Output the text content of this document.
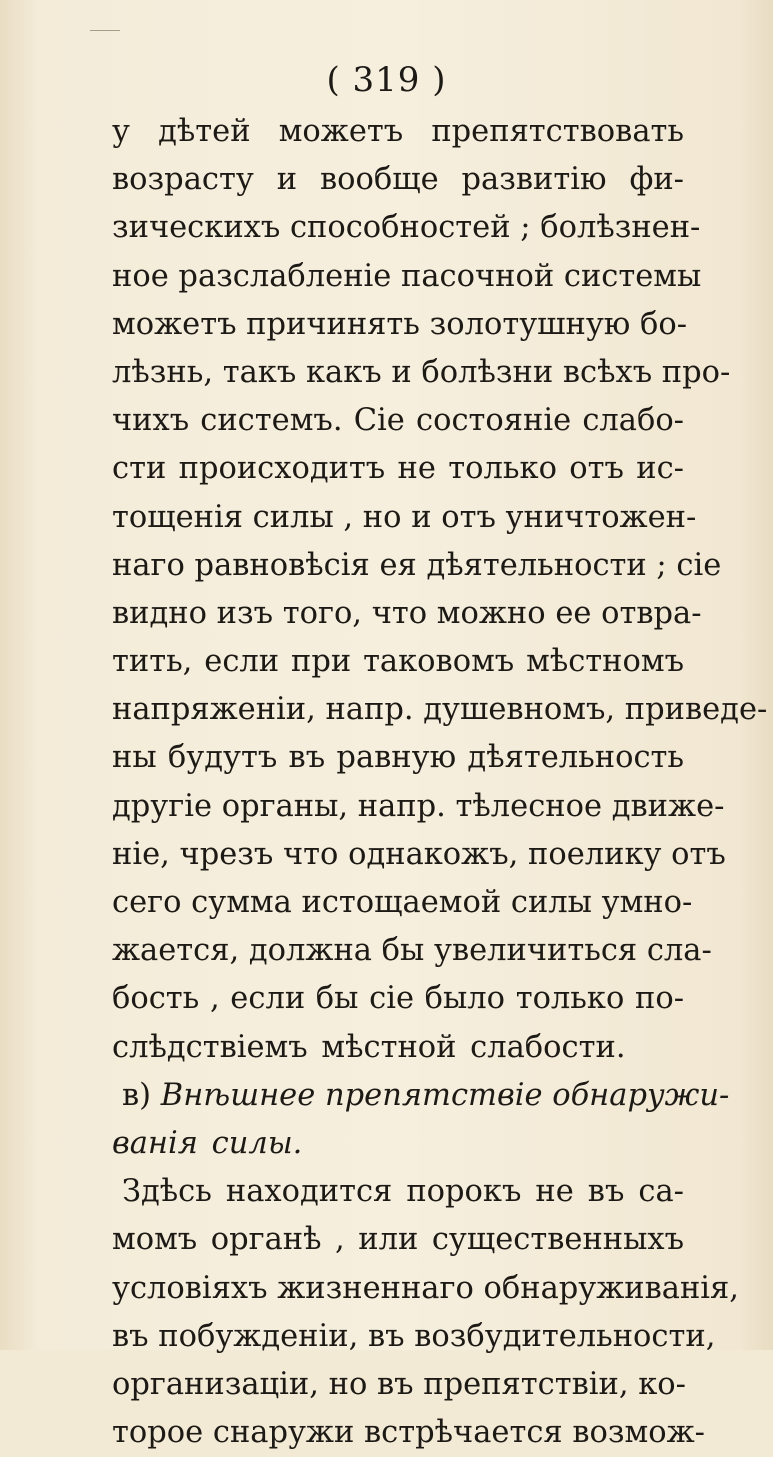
( 319 )
у дѣтей можетъ препятствовать
возрасту и вообще развитію фи-
зическихъ способностей ; болѣзнен-
ное разслабленіе пасочной системы
можетъ причинять золотушную бо-
лѣзнь, такъ какъ и болѣзни всѣхъ про-
чихъ системъ. Сіе состояніе слабо-
сти происходитъ не только отъ ис-
тощенія силы , но и отъ уничтожен-
наго равновѣсія ея дѣятельности ; сіе
видно изъ того, что можно ее отвра-
тить, если при таковомъ мѣстномъ
напряженіи, напр. душевномъ, приведе-
ны будутъ въ равную дѣятельность
другіе органы, напр. тѣлесное движе-
ніе, чрезъ что однакожъ, поелику отъ
сего сумма истощаемой силы умно-
жается, должна бы увеличиться сла-
бость , если бы сіе было только по-
слѣдствіемъ мѣстной слабости.
в) Внѣшнее препятствіе обнаружи-
ванія силы.
Здѣсь находится порокъ не въ са-
момъ органѣ , или существенныхъ
условіяхъ жизненнаго обнаруживанія,
въ побужденіи, въ возбудительности,
организаціи, но въ препятствіи, ко-
торое снаружи встрѣчается возмож-
